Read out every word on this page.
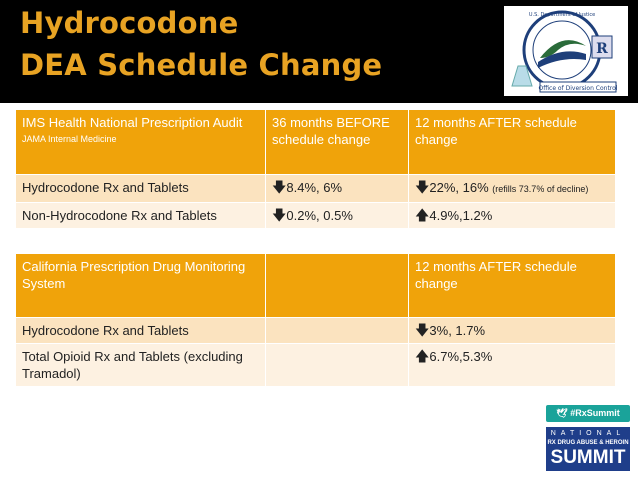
Hydrocodone
DEA Schedule Change	R
Office of Diversion Control
U.S. Department of Justice
IMS Health National Prescription Audit
JAMA Internal Medicine	36 months BEFORE schedule change	12 months AFTER schedule change
Hydrocodone Rx and Tablets	🡇8.4%, 6%	🡇22%, 16% (refills 73.7% of decline)
Non-Hydrocodone Rx and Tablets	🡇0.2%, 0.5%	🡅4.9%,1.2%
California Prescription Drug Monitoring System		12 months AFTER schedule change
Hydrocodone Rx and Tablets		🡇3%, 1.7%
Total Opioid Rx and Tablets (excluding Tramadol)		🡅6.7%,5.3%
🕊 #RxSummit
NATIONAL
RX DRUG ABUSE & HEROIN
SUMMIT
